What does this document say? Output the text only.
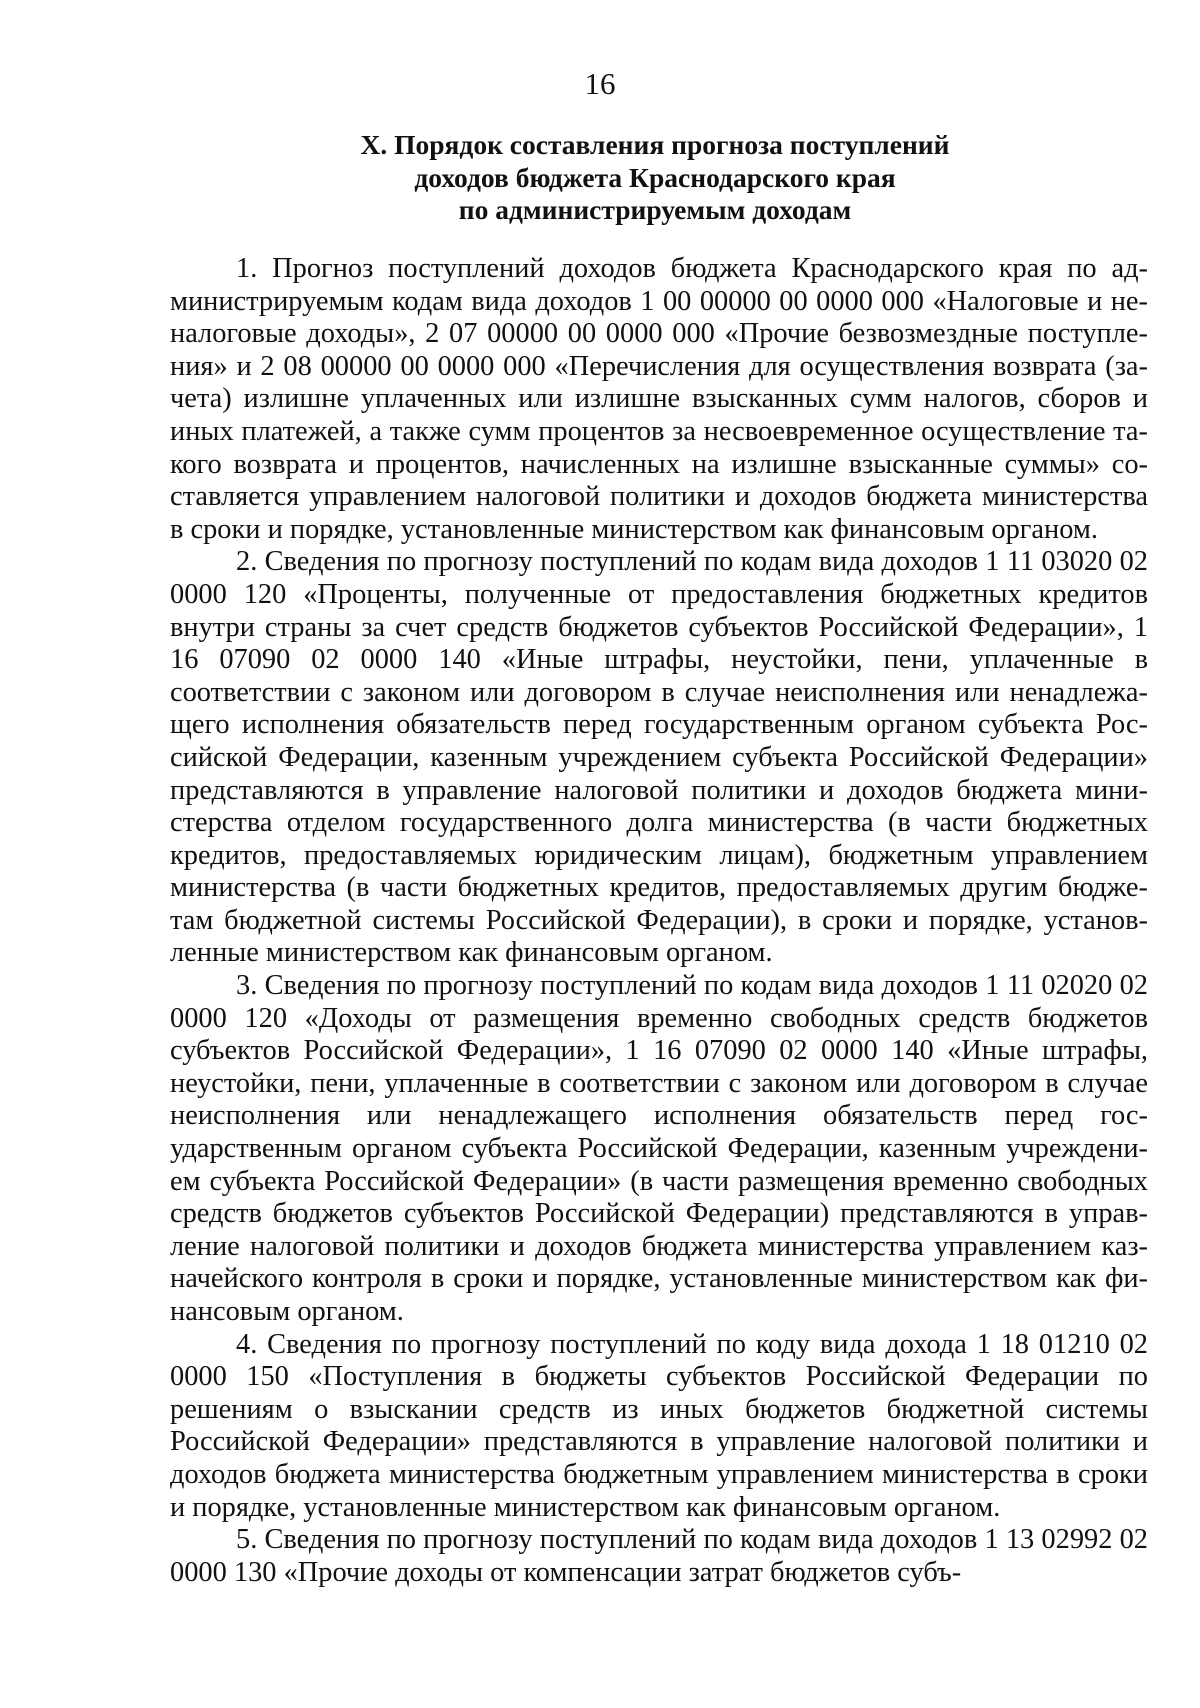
16
X. Порядок составления прогноза поступлений
доходов бюджета Краснодарского края
по администрируемым доходам

1. Прогноз поступлений доходов бюджета Краснодарского края по администрируемым кодам вида доходов 1 00 00000 00 0000 000 «Налоговые и неналоговые доходы», 2 07 00000 00 0000 000 «Прочие безвозмездные поступления» и 2 08 00000 00 0000 000 «Перечисления для осуществления возврата (зачета) излишне уплаченных или излишне взысканных сумм налогов, сборов и иных платежей, а также сумм процентов за несвоевременное осуществление такого возврата и процентов, начисленных на излишне взысканные суммы» составляется управлением налоговой политики и доходов бюджета министерства в сроки и порядке, установленные министерством как финансовым органом.

2. Сведения по прогнозу поступлений по кодам вида доходов 1 11 03020 02 0000 120 «Проценты, полученные от предоставления бюджетных кредитов внутри страны за счет средств бюджетов субъектов Российской Федерации», 1 16 07090 02 0000 140 «Иные штрафы, неустойки, пени, уплаченные в соответствии с законом или договором в случае неисполнения или ненадлежащего исполнения обязательств перед государственным органом субъекта Российской Федерации, казенным учреждением субъекта Российской Федерации» представляются в управление налоговой политики и доходов бюджета министерства отделом государственного долга министерства (в части бюджетных кредитов, предоставляемых юридическим лицам), бюджетным управлением министерства (в части бюджетных кредитов, предоставляемых другим бюджетам бюджетной системы Российской Федерации), в сроки и порядке, установленные министерством как финансовым органом.

3. Сведения по прогнозу поступлений по кодам вида доходов 1 11 02020 02 0000 120 «Доходы от размещения временно свободных средств бюджетов субъектов Российской Федерации», 1 16 07090 02 0000 140 «Иные штрафы, неустойки, пени, уплаченные в соответствии с законом или договором в случае неисполнения или ненадлежащего исполнения обязательств перед государственным органом субъекта Российской Федерации, казенным учреждением субъекта Российской Федерации» (в части размещения временно свободных средств бюджетов субъектов Российской Федерации) представляются в управление налоговой политики и доходов бюджета министерства управлением казначейского контроля в сроки и порядке, установленные министерством как финансовым органом.

4. Сведения по прогнозу поступлений по коду вида дохода 1 18 01210 02 0000 150 «Поступления в бюджеты субъектов Российской Федерации по решениям о взыскании средств из иных бюджетов бюджетной системы Российской Федерации» представляются в управление налоговой политики и доходов бюджета министерства бюджетным управлением министерства в сроки и порядке, установленные министерством как финансовым органом.

5. Сведения по прогнозу поступлений по кодам вида доходов 1 13 02992 02 0000 130 «Прочие доходы от компенсации затрат бюджетов субъ-
